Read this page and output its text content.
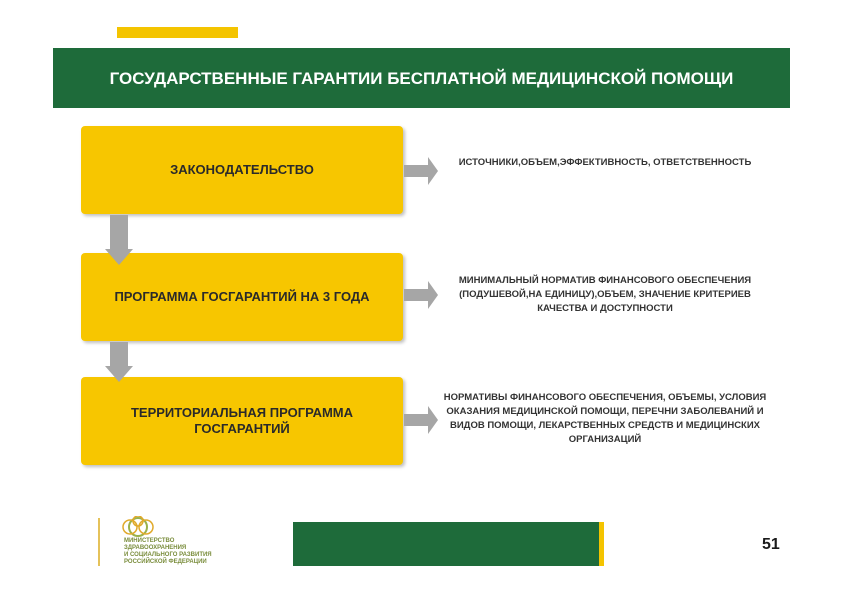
ГОСУДАРСТВЕННЫЕ ГАРАНТИИ БЕСПЛАТНОЙ МЕДИЦИНСКОЙ ПОМОЩИ
ЗАКОНОДАТЕЛЬСТВО
ПРОГРАММА ГОСГАРАНТИЙ НА 3 ГОДА
ТЕРРИТОРИАЛЬНАЯ ПРОГРАММА ГОСГАРАНТИЙ
ИСТОЧНИКИ,ОБЪЕМ,ЭФФЕКТИВНОСТЬ, ОТВЕТСТВЕННОСТЬ
МИНИМАЛЬНЫЙ НОРМАТИВ ФИНАНСОВОГО ОБЕСПЕЧЕНИЯ (ПОДУШЕВОЙ,НА ЕДИНИЦУ),ОБЪЕМ, ЗНАЧЕНИЕ КРИТЕРИЕВ КАЧЕСТВА И ДОСТУПНОСТИ
НОРМАТИВЫ ФИНАНСОВОГО ОБЕСПЕЧЕНИЯ, ОБЪЕМЫ, УСЛОВИЯ ОКАЗАНИЯ МЕДИЦИНСКОЙ ПОМОЩИ, ПЕРЕЧНИ ЗАБОЛЕВАНИЙ И ВИДОВ ПОМОЩИ, ЛЕКАРСТВЕННЫХ СРЕДСТВ И МЕДИЦИНСКИХ ОРГАНИЗАЦИЙ
МИНИСТЕРСТВО
ЗДРАВООХРАНЕНИЯ
И СОЦИАЛЬНОГО РАЗВИТИЯ
РОССИЙСКОЙ ФЕДЕРАЦИИ
51
